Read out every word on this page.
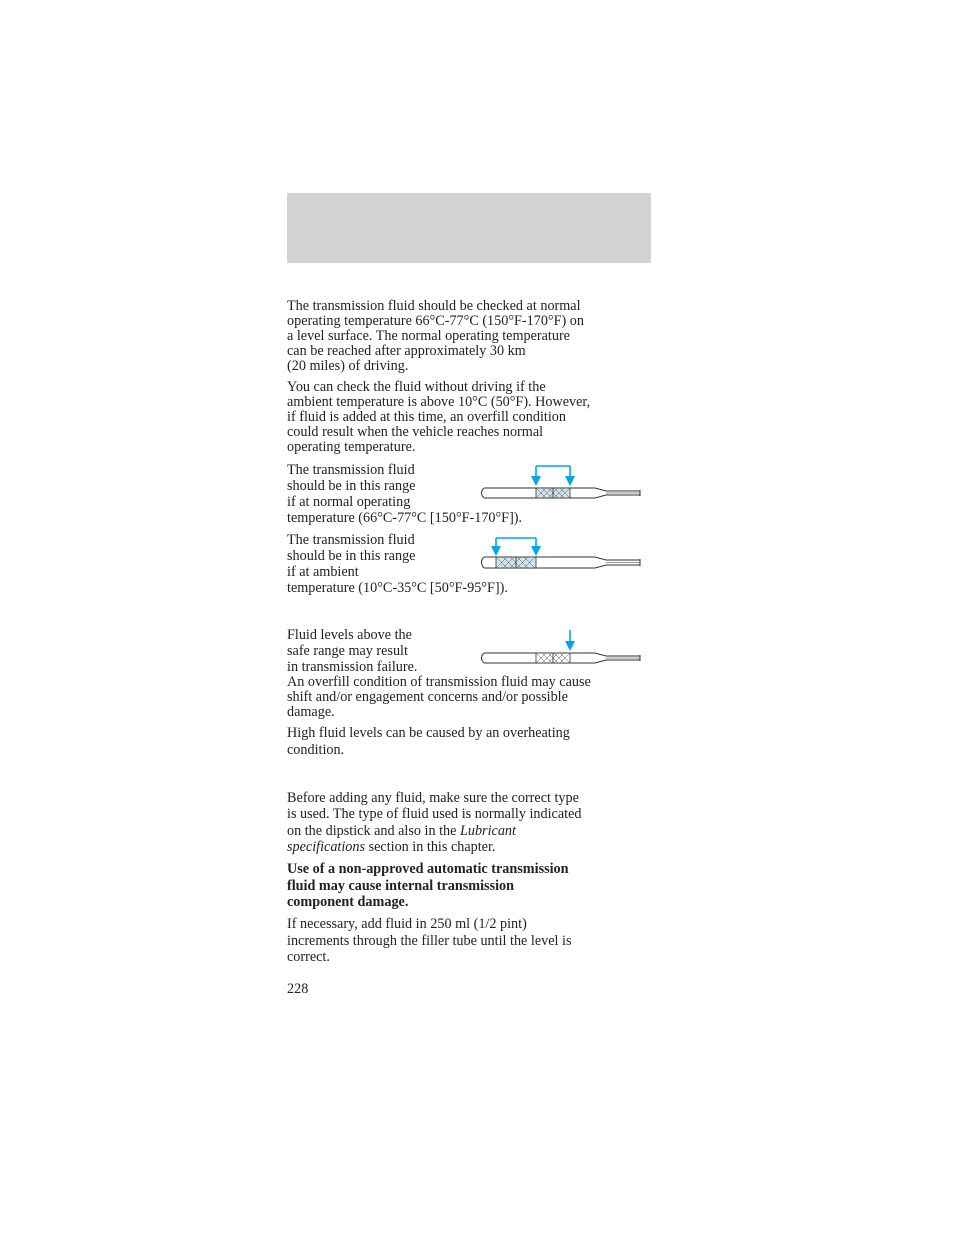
The transmission fluid should be checked at normal
operating temperature 66°C-77°C (150°F-170°F) on
a level surface. The normal operating temperature
can be reached after approximately 30 km
(20 miles) of driving.

You can check the fluid without driving if the
ambient temperature is above 10°C (50°F). However,
if fluid is added at this time, an overfill condition
could result when the vehicle reaches normal
operating temperature.

The transmission fluid
should be in this range
if at normal operating
temperature (66°C-77°C [150°F-170°F]).

The transmission fluid
should be in this range
if at ambient
temperature (10°C-35°C [50°F-95°F]).

Fluid levels above the
safe range may result
in transmission failure.
An overfill condition of transmission fluid may cause
shift and/or engagement concerns and/or possible
damage.

High fluid levels can be caused by an overheating
condition.

Before adding any fluid, make sure the correct type
is used. The type of fluid used is normally indicated
on the dipstick and also in the Lubricant
specifications section in this chapter.

Use of a non-approved automatic transmission
fluid may cause internal transmission
component damage.

If necessary, add fluid in 250 ml (1/2 pint)
increments through the filler tube until the level is
correct.

228
